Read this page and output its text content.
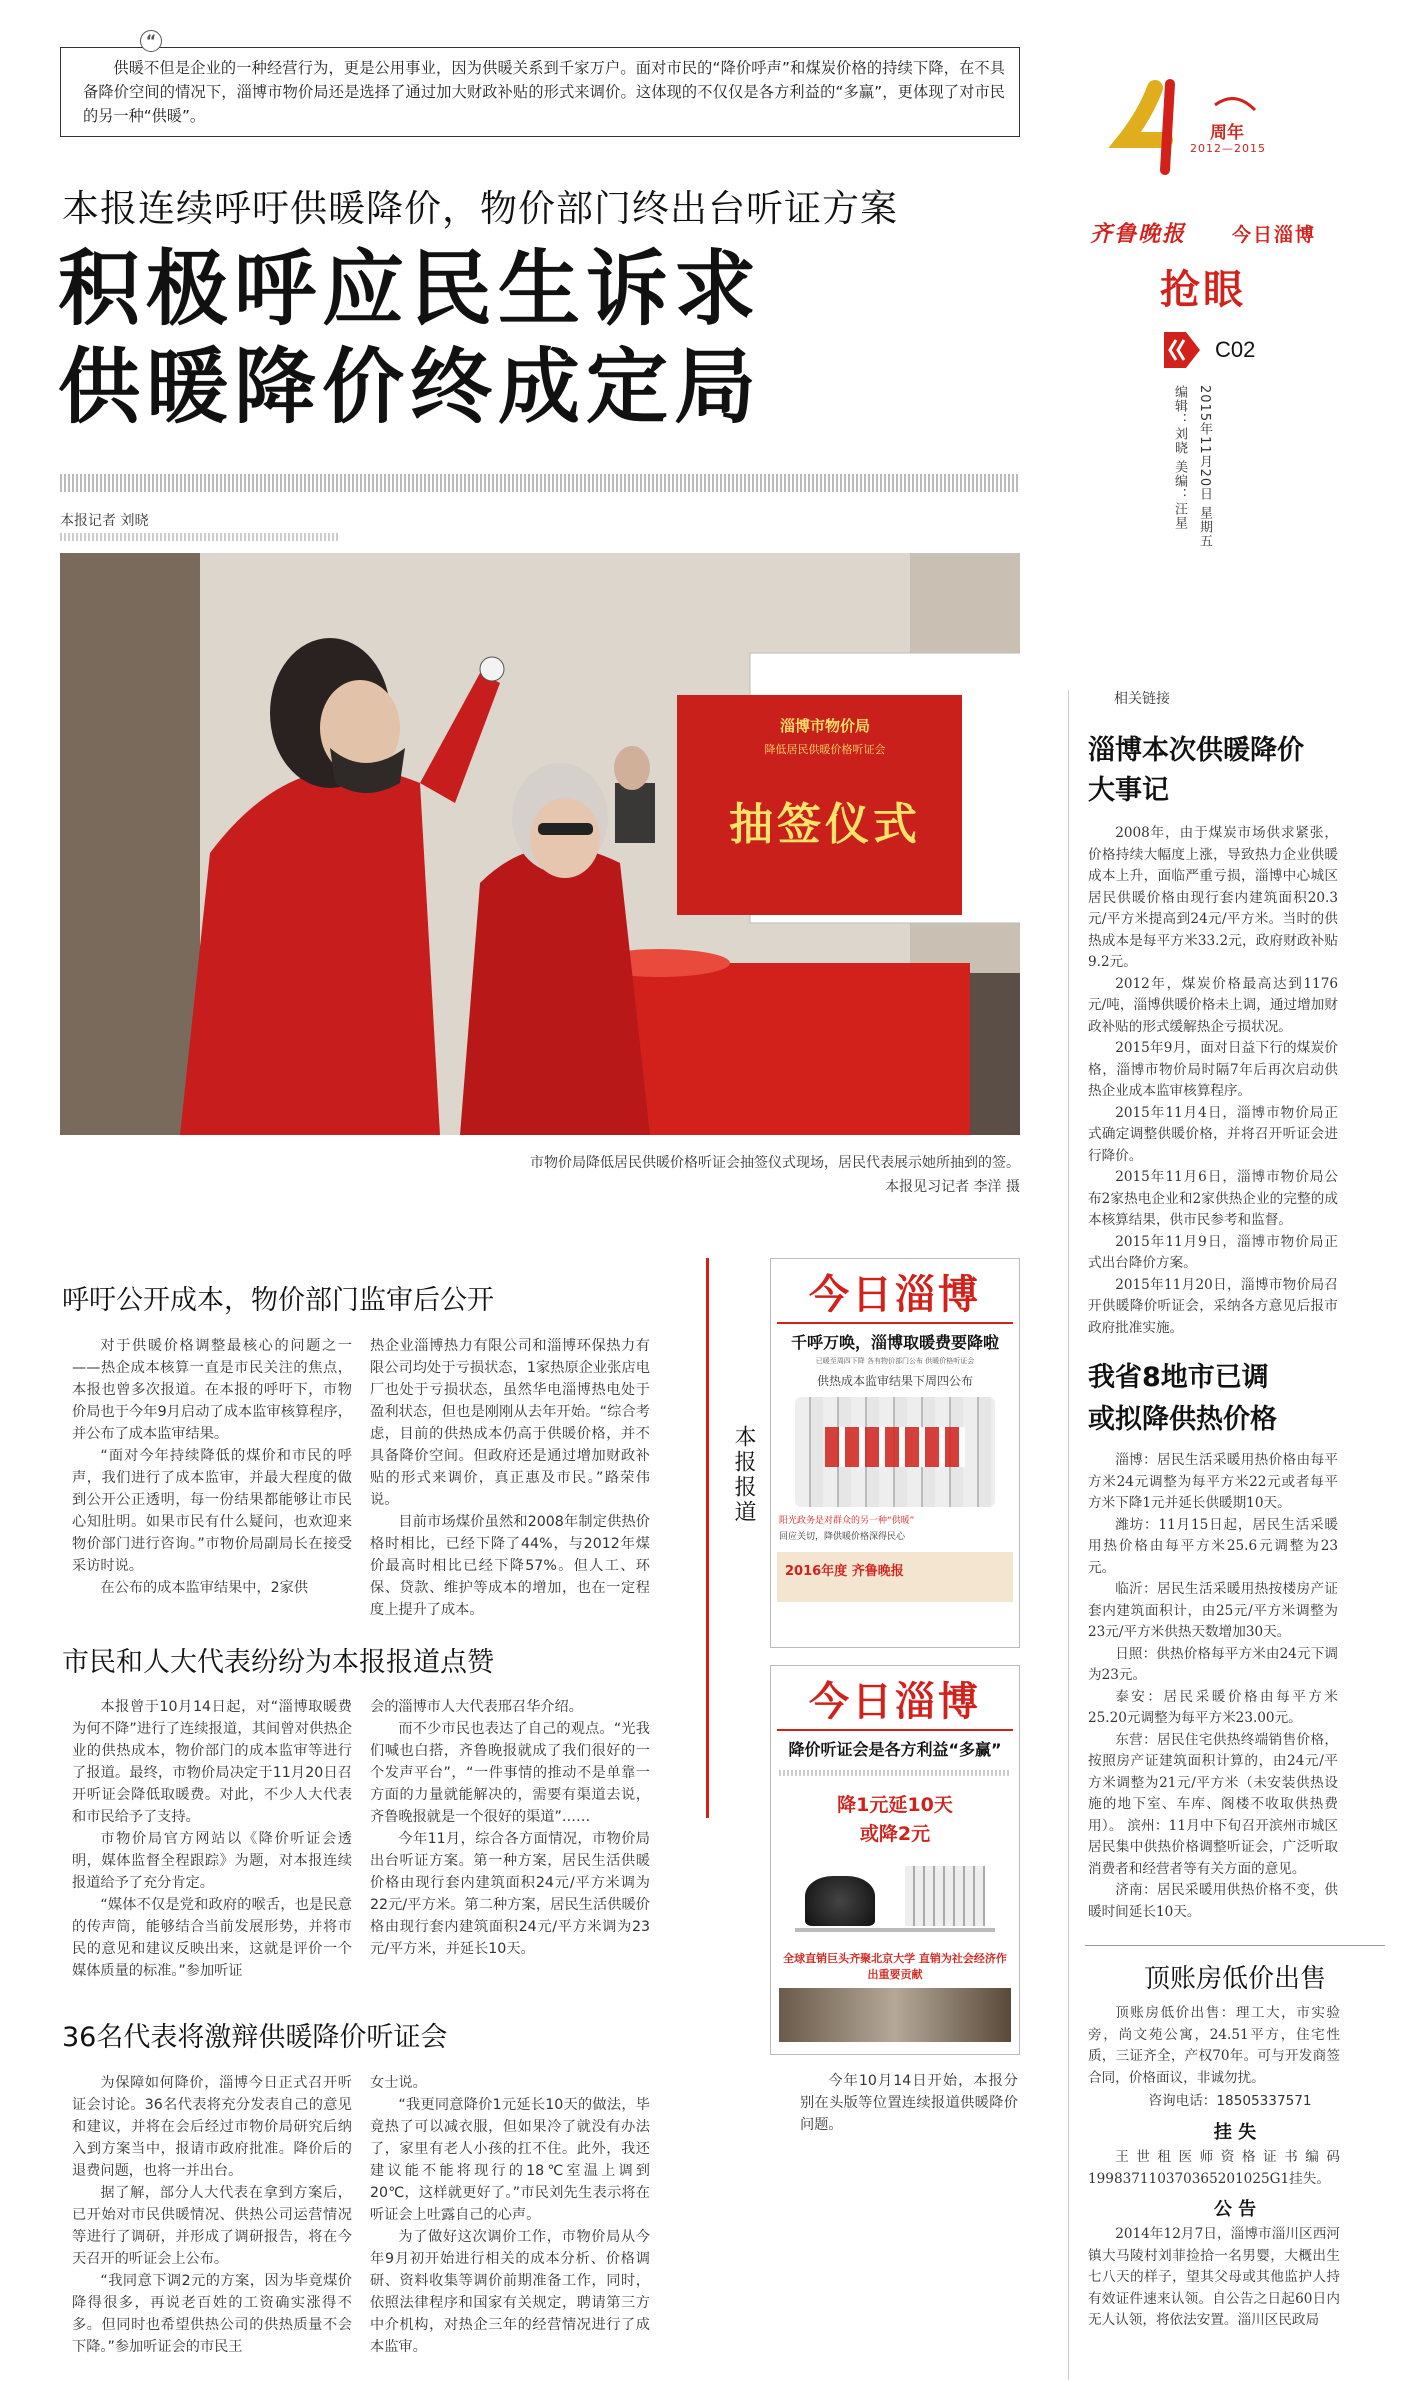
供暖不但是企业的一种经营行为，更是公用事业，因为供暖关系到千家万户。面对市民的“降价呼声”和煤炭价格的持续下降，在不具备降价空间的情况下，淄博市物价局还是选择了通过加大财政补贴的形式来调价。这体现的不仅仅是各方利益的“多赢”，更体现了对市民的另一种“供暖”。

“
周年
2012—2015
齐鲁晚报 今日淄博
抢眼
C02
2015年11月20日 星期五
编辑：刘晓 美编：汪星
本报连续呼吁供暖降价，物价部门终出台听证方案
积极呼应民生诉求
供暖降价终成定局
本报记者 刘晓
淄博市物价局
降低居民供暖价格听证会
抽签仪式
市物价局降低居民供暖价格听证会抽签仪式现场，居民代表展示她所抽到的签。
本报见习记者 李洋 摄
呼吁公开成本，物价部门监审后公开

对于供暖价格调整最核心的问题之一——热企成本核算一直是市民关注的焦点，本报也曾多次报道。在本报的呼吁下，市物价局也于今年9月启动了成本监审核算程序，并公布了成本监审结果。

“面对今年持续降低的煤价和市民的呼声，我们进行了成本监审，并最大程度的做到公开公正透明，每一份结果都能够让市民心知肚明。如果市民有什么疑问，也欢迎来物价部门进行咨询。”市物价局副局长在接受采访时说。

在公布的成本监审结果中，2家供

热企业淄博热力有限公司和淄博环保热力有限公司均处于亏损状态，1家热原企业张店电厂也处于亏损状态，虽然华电淄博热电处于盈利状态，但也是刚刚从去年开始。“综合考虑，目前的供热成本仍高于供暖价格，并不具备降价空间。但政府还是通过增加财政补贴的形式来调价，真正惠及市民。”路荣伟说。

目前市场煤价虽然和2008年制定供热价格时相比，已经下降了44%，与2012年煤价最高时相比已经下降57%。但人工、环保、贷款、维护等成本的增加，也在一定程度上提升了成本。

市民和人大代表纷纷为本报报道点赞

本报曾于10月14日起，对“淄博取暖费为何不降”进行了连续报道，其间曾对供热企业的供热成本，物价部门的成本监审等进行了报道。最终，市物价局决定于11月20日召开听证会降低取暖费。对此，不少人大代表和市民给予了支持。

市物价局官方网站以《降价听证会透明，媒体监督全程跟踪》为题，对本报连续报道给予了充分肯定。

“媒体不仅是党和政府的喉舌，也是民意的传声筒，能够结合当前发展形势，并将市民的意见和建议反映出来，这就是评价一个媒体质量的标准。”参加听证

会的淄博市人大代表邢召华介绍。

而不少市民也表达了自己的观点。“光我们喊也白搭，齐鲁晚报就成了我们很好的一个发声平台”，“一件事情的推动不是单靠一方面的力量就能解决的，需要有渠道去说，齐鲁晚报就是一个很好的渠道”……

今年11月，综合各方面情况，市物价局出台听证方案。第一种方案，居民生活供暖价格由现行套内建筑面积24元/平方米调为22元/平方米。第二种方案，居民生活供暖价格由现行套内建筑面积24元/平方米调为23元/平方米，并延长10天。

36名代表将激辩供暖降价听证会

为保障如何降价，淄博今日正式召开听证会讨论。36名代表将充分发表自己的意见和建议，并将在会后经过市物价局研究后纳入到方案当中，报请市政府批准。降价后的退费问题，也将一并出台。

据了解，部分人大代表在拿到方案后，已开始对市民供暖情况、供热公司运营情况等进行了调研，并形成了调研报告，将在今天召开的听证会上公布。

“我同意下调2元的方案，因为毕竟煤价降得很多，再说老百姓的工资确实涨得不多。但同时也希望供热公司的供热质量不会下降。”参加听证会的市民王

女士说。

“我更同意降价1元延长10天的做法，毕竟热了可以减衣服，但如果冷了就没有办法了，家里有老人小孩的扛不住。此外，我还建议能不能将现行的18℃室温上调到20℃，这样就更好了。”市民刘先生表示将在听证会上吐露自己的心声。

为了做好这次调价工作，市物价局从今年9月初开始进行相关的成本分析、价格调研、资料收集等调价前期准备工作，同时，依照法律程序和国家有关规定，聘请第三方中介机构，对热企三年的经营情况进行了成本监审。

本报报道
今日淄博
千呼万唤，淄博取暖费要降啦
已暖至周四下降 各有物价部门公布 供暖价格听证会
供热成本监审结果下周四公布
阳光政务是对群众的另一种“供暖”
回应关切，降供暖价格深得民心
2016年度 齐鲁晚报
今日淄博
降价听证会是各方利益“多赢”
降1元延10天
或降2元
全球直销巨头齐聚北京大学 直销为社会经济作出重要贡献
今年10月14日开始，本报分别在头版等位置连续报道供暖降价问题。
相关链接
淄博本次供暖降价
大事记

2008年，由于煤炭市场供求紧张，价格持续大幅度上涨，导致热力企业供暖成本上升，面临严重亏损，淄博中心城区居民供暖价格由现行套内建筑面积20.3元/平方米提高到24元/平方米。当时的供热成本是每平方米33.2元，政府财政补贴9.2元。

2012年，煤炭价格最高达到1176元/吨，淄博供暖价格未上调，通过增加财政补贴的形式缓解热企亏损状况。

2015年9月，面对日益下行的煤炭价格，淄博市物价局时隔7年后再次启动供热企业成本监审核算程序。

2015年11月4日，淄博市物价局正式确定调整供暖价格，并将召开听证会进行降价。

2015年11月6日，淄博市物价局公布2家热电企业和2家供热企业的完整的成本核算结果，供市民参考和监督。

2015年11月9日，淄博市物价局正式出台降价方案。

2015年11月20日，淄博市物价局召开供暖降价听证会，采纳各方意见后报市政府批准实施。

我省8地市已调
或拟降供热价格

淄博：居民生活采暖用热价格由每平方米24元调整为每平方米22元或者每平方米下降1元并延长供暖期10天。

潍坊：11月15日起，居民生活采暖用热价格由每平方米25.6元调整为23元。

临沂：居民生活采暖用热按楼房产证套内建筑面积计，由25元/平方米调整为23元/平方米供热天数增加30天。

日照：供热价格每平方米由24元下调为23元。

泰安：居民采暖价格由每平方米25.20元调整为每平方米23.00元。

东营：居民住宅供热终端销售价格，按照房产证建筑面积计算的，由24元/平方米调整为21元/平方米（未安装供热设施的地下室、车库、阁楼不收取供热费用）。 滨州：11月中下旬召开滨州市城区居民集中供热价格调整听证会，广泛听取消费者和经营者等有关方面的意见。

济南：居民采暖用供热价格不变，供暖时间延长10天。

顶账房低价出售

顶账房低价出售：理工大，市实验旁，尚文苑公寓，24.51平方，住宅性质，三证齐全，产权70年。可与开发商签合同，价格面议，非诚勿扰。

咨询电话：18505337571
挂 失

王世租医师资格证书编码199837110370365201025G1挂失。

公 告

2014年12月7日，淄博市淄川区西河镇大马陵村刘菲捡拾一名男婴，大概出生七八天的样子，望其父母或其他监护人持有效证件速来认领。自公告之日起60日内无人认领，将依法安置。淄川区民政局
